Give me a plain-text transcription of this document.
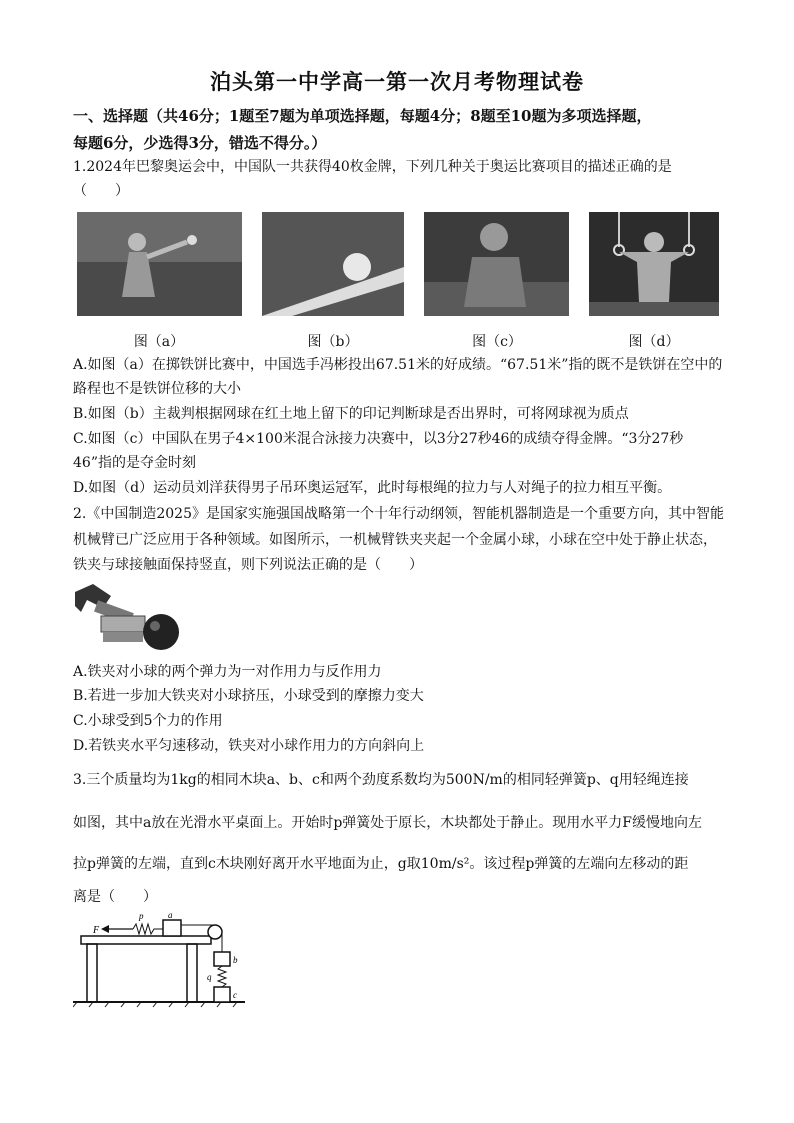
泊头第一中学高一第一次月考物理试卷
一、选择题（共46分；1题至7题为单项选择题，每题4分；8题至10题为多项选择题，
每题6分，少选得3分，错选不得分。）
1.2024年巴黎奥运会中，中国队一共获得40枚金牌，下列几种关于奥运比赛项目的描述正确的是
（　　）
图（a）	图（b）	图（c）	图（d）
A.如图（a）在掷铁饼比赛中，中国选手冯彬投出67.51米的好成绩。“67.51米”指的既不是铁饼在空中的
路程也不是铁饼位移的大小
B.如图（b）主裁判根据网球在红土地上留下的印记判断球是否出界时，可将网球视为质点
C.如图（c）中国队在男子4×100米混合泳接力决赛中，以3分27秒46的成绩夺得金牌。“3分27秒
46”指的是夺金时刻
D.如图（d）运动员刘洋获得男子吊环奥运冠军，此时每根绳的拉力与人对绳子的拉力相互平衡。
2.《中国制造2025》是国家实施强国战略第一个十年行动纲领，智能机器制造是一个重要方向，其中智能
机械臂已广泛应用于各种领域。如图所示，一机械臂铁夹夹起一个金属小球，小球在空中处于静止状态，
铁夹与球接触面保持竖直，则下列说法正确的是（　　）
A.铁夹对小球的两个弹力为一对作用力与反作用力
B.若进一步加大铁夹对小球挤压，小球受到的摩擦力变大
C.小球受到5个力的作用
D.若铁夹水平匀速移动，铁夹对小球作用力的方向斜向上
3.三个质量均为1kg的相同木块a、b、c和两个劲度系数均为500N/m的相同轻弹簧p、q用轻绳连接
如图，其中a放在光滑水平桌面上。开始时p弹簧处于原长，木块都处于静止。现用水平力F缓慢地向左
拉p弹簧的左端，直到c木块刚好离开水平地面为止，g取10m/s²。该过程p弹簧的左端向左移动的距
离是（　　）
F
p	a
b
q
c
